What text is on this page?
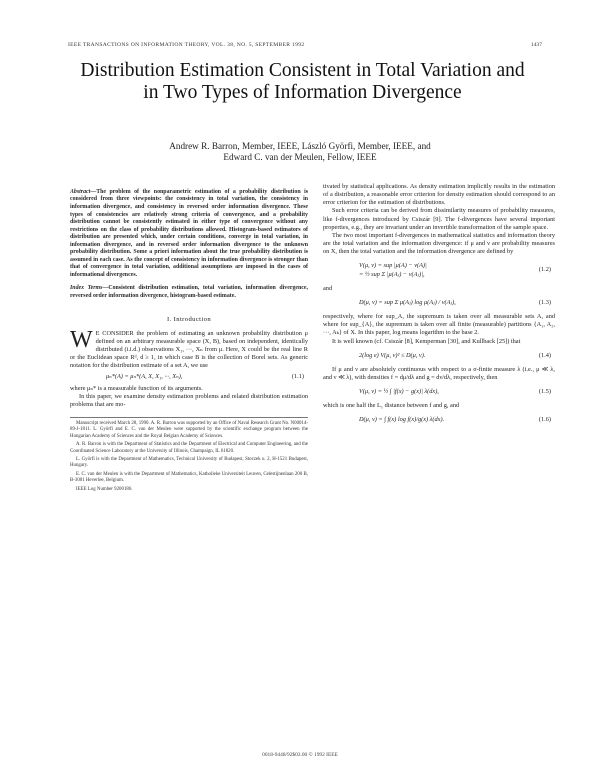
IEEE TRANSACTIONS ON INFORMATION THEORY, VOL. 38, NO. 5, SEPTEMBER 1992	1437
Distribution Estimation Consistent in Total Variation and in Two Types of Information Divergence
Andrew R. Barron, Member, IEEE, László Györfi, Member, IEEE, and
Edward C. van der Meulen, Fellow, IEEE

Abstract—The problem of the nonparametric estimation of a probability distribution is considered from three viewpoints: the consistency in total variation, the consistency in information divergence, and consistency in reversed order information divergence. These types of consistencies are relatively strong criteria of convergence, and a probability distribution cannot be consistently estimated in either type of convergence without any restrictions on the class of probability distributions allowed. Histogram-based estimators of distribution are presented which, under certain conditions, converge in total variation, in information divergence, and in reversed order information divergence to the unknown probability distribution. Some a priori information about the true probability distribution is assumed in each case. As the concept of consistency in information divergence is stronger than that of convergence in total variation, additional assumptions are imposed in the cases of informational divergences.

Index Terms—Consistent distribution estimation, total variation, information divergence, reversed order information divergence, histogram-based estimate.

I. Introduction

W E CONSIDER the problem of estimating an unknown probability distribution μ defined on an arbitrary measurable space (X, B), based on independent, identically distributed (i.i.d.) observations X₁, ···, Xₙ from μ. Here, X could be the real line R or the Euclidean space Rᵈ, d ≥ 1, in which case B is the collection of Borel sets. As generic notation for the distribution estimate of a set A, we use

μₙ*(A) = μₙ*(A, X, X₁, ···, Xₙ),	(1.1)

where μₙ* is a measurable function of its arguments.

In this paper, we examine density estimation problems and related distribution estimation problems that are mo-

Manuscript received March 28, 1990. A. R. Barron was supported by an Office of Naval Research Grant No. N00014-89-J-1811. L. Györfi and E. C. van der Meulen were supported by the scientific exchange program between the Hungarian Academy of Sciences and the Royal Belgian Academy of Sciences.

A. R. Barron is with the Department of Statistics and the Department of Electrical and Computer Engineering, and the Coordinated Science Laboratory at the University of Illinois, Champaign, IL 61820.

L. Györfi is with the Department of Mathematics, Technical University of Budapest, Stoczek u. 2, H-1521 Budapest, Hungary.

E. C. van der Meulen is with the Department of Mathematics, Katholieke Universiteit Leuven, Celestijnenlaan 200 B, B-3001 Heverlee, Belgium.

IEEE Log Number 9200186.

tivated by statistical applications. As density estimation implicitly results in the estimation of a distribution, a reasonable error criterion for density estimation should correspond to an error criterion for the estimation of distributions.

Such error criteria can be derived from dissimilarity measures of probability measures, like f-divergences introduced by Csiszár [9]. The f-divergences have several important properties, e.g., they are invariant under an invertible transformation of the sample space.

The two most important f-divergences in mathematical statistics and information theory are the total variation and the information divergence: if μ and ν are probability measures on X, then the total variation and the information divergence are defined by

V(μ, ν) = sup |μ(A) − ν(A)|
= ½ sup Σ |μ(Aⱼ) − ν(Aⱼ)|,
(1.2)

and

D(μ, ν) = sup Σ μ(Aⱼ) log μ(Aⱼ) / ν(Aⱼ),	(1.3)

respectively, where for sup_A, the supremum is taken over all measurable sets A, and where for sup_{A}, the supremum is taken over all finite (measurable) partitions {A₁, A₂, ···, Aₖ} of X. In this paper, log means logarithm to the base 2.

It is well known (cf. Csiszár [8], Kemperman [30], and Kullback [25]) that

2(log e) V(μ, ν)² ≤ D(μ, ν).	(1.4)

If μ and ν are absolutely continuous with respect to a σ-finite measure λ (i.e., μ ≪ λ, and ν ≪ λ), with densities f = dμ/dλ and g = dν/dλ, respectively, then

V(μ, ν) = ½ ∫ |f(x) − g(x)| λ(dx),	(1.5)

which is one half the L₁ distance between f and g, and

D(μ, ν) = ∫ f(x) log f(x)/g(x) λ(dx).	(1.6)
0018-9448/92$03.00 © 1992 IEEE
